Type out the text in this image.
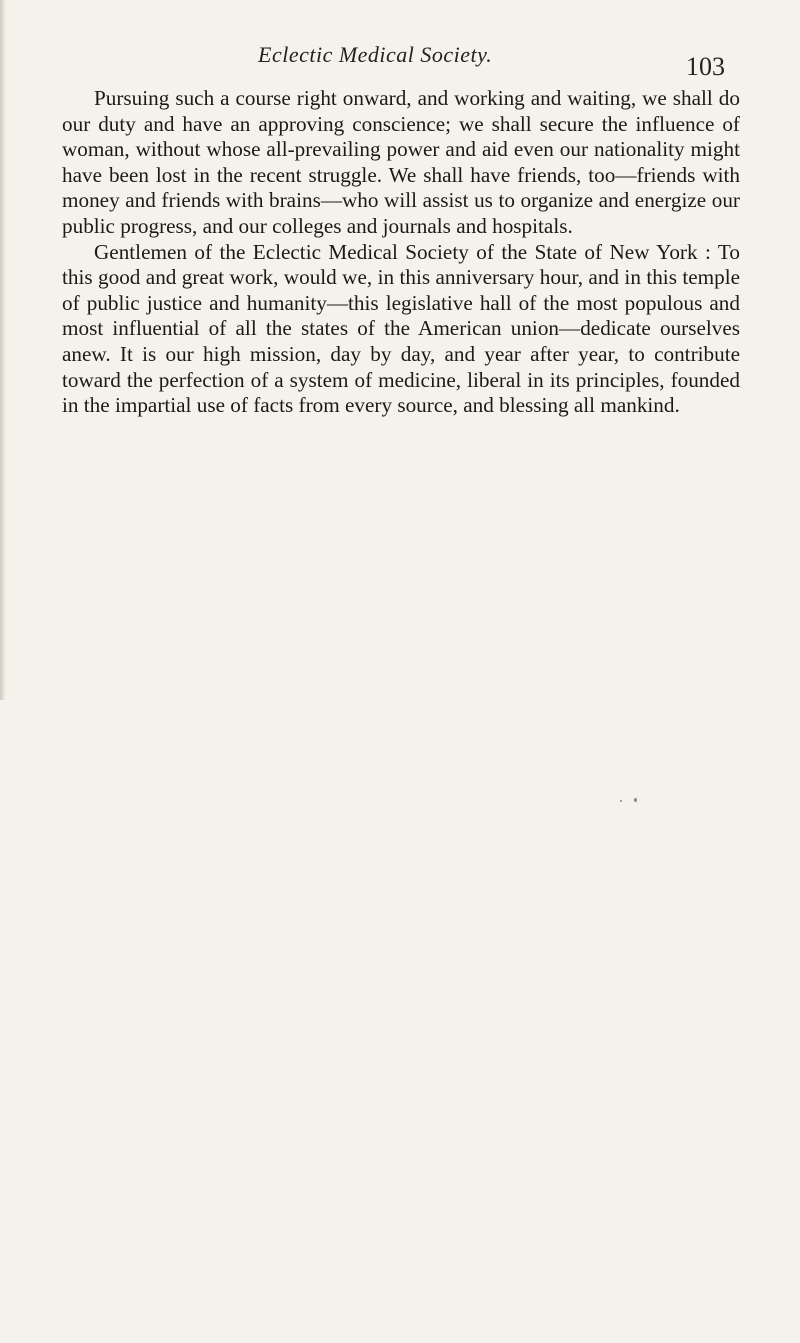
Eclectic Medical Society.	103

Pursuing such a course right onward, and working and waiting, we shall do our duty and have an approving conscience; we shall secure the influence of woman, without whose all-prevailing power and aid even our nationality might have been lost in the recent struggle. We shall have friends, too—friends with money and friends with brains—who will assist us to organize and energize our public progress, and our colleges and journals and hospitals.

Gentlemen of the Eclectic Medical Society of the State of New York : To this good and great work, would we, in this anniversary hour, and in this temple of public justice and humanity—this legislative hall of the most populous and most influential of all the states of the American union—dedicate ourselves anew. It is our high mission, day by day, and year after year, to contribute toward the perfection of a system of medicine, liberal in its principles, founded in the impartial use of facts from every source, and blessing all mankind.
